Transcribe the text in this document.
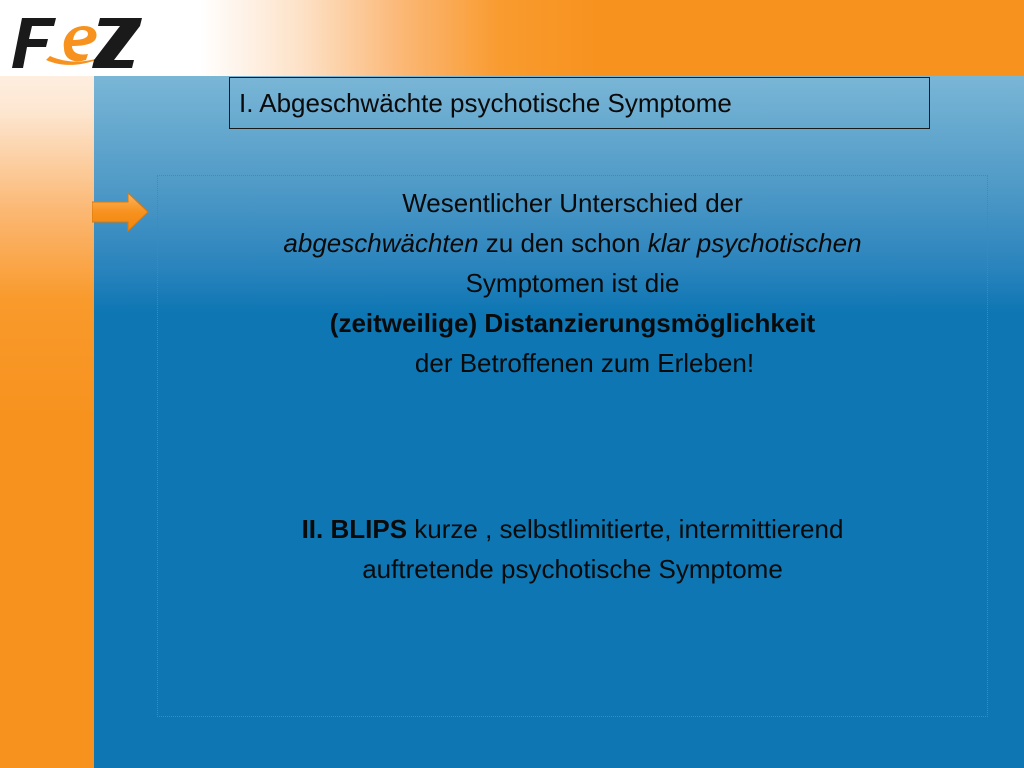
I. Abgeschwächte psychotische Symptome
Wesentlicher Unterschied der
abgeschwächten zu den schon klar psychotischen
Symptomen ist die
(zeitweilige) Distanzierungsmöglichkeit
der Betroffenen zum Erleben!
II. BLIPS kurze , selbstlimitierte, intermittierend
auftretende psychotische Symptome
